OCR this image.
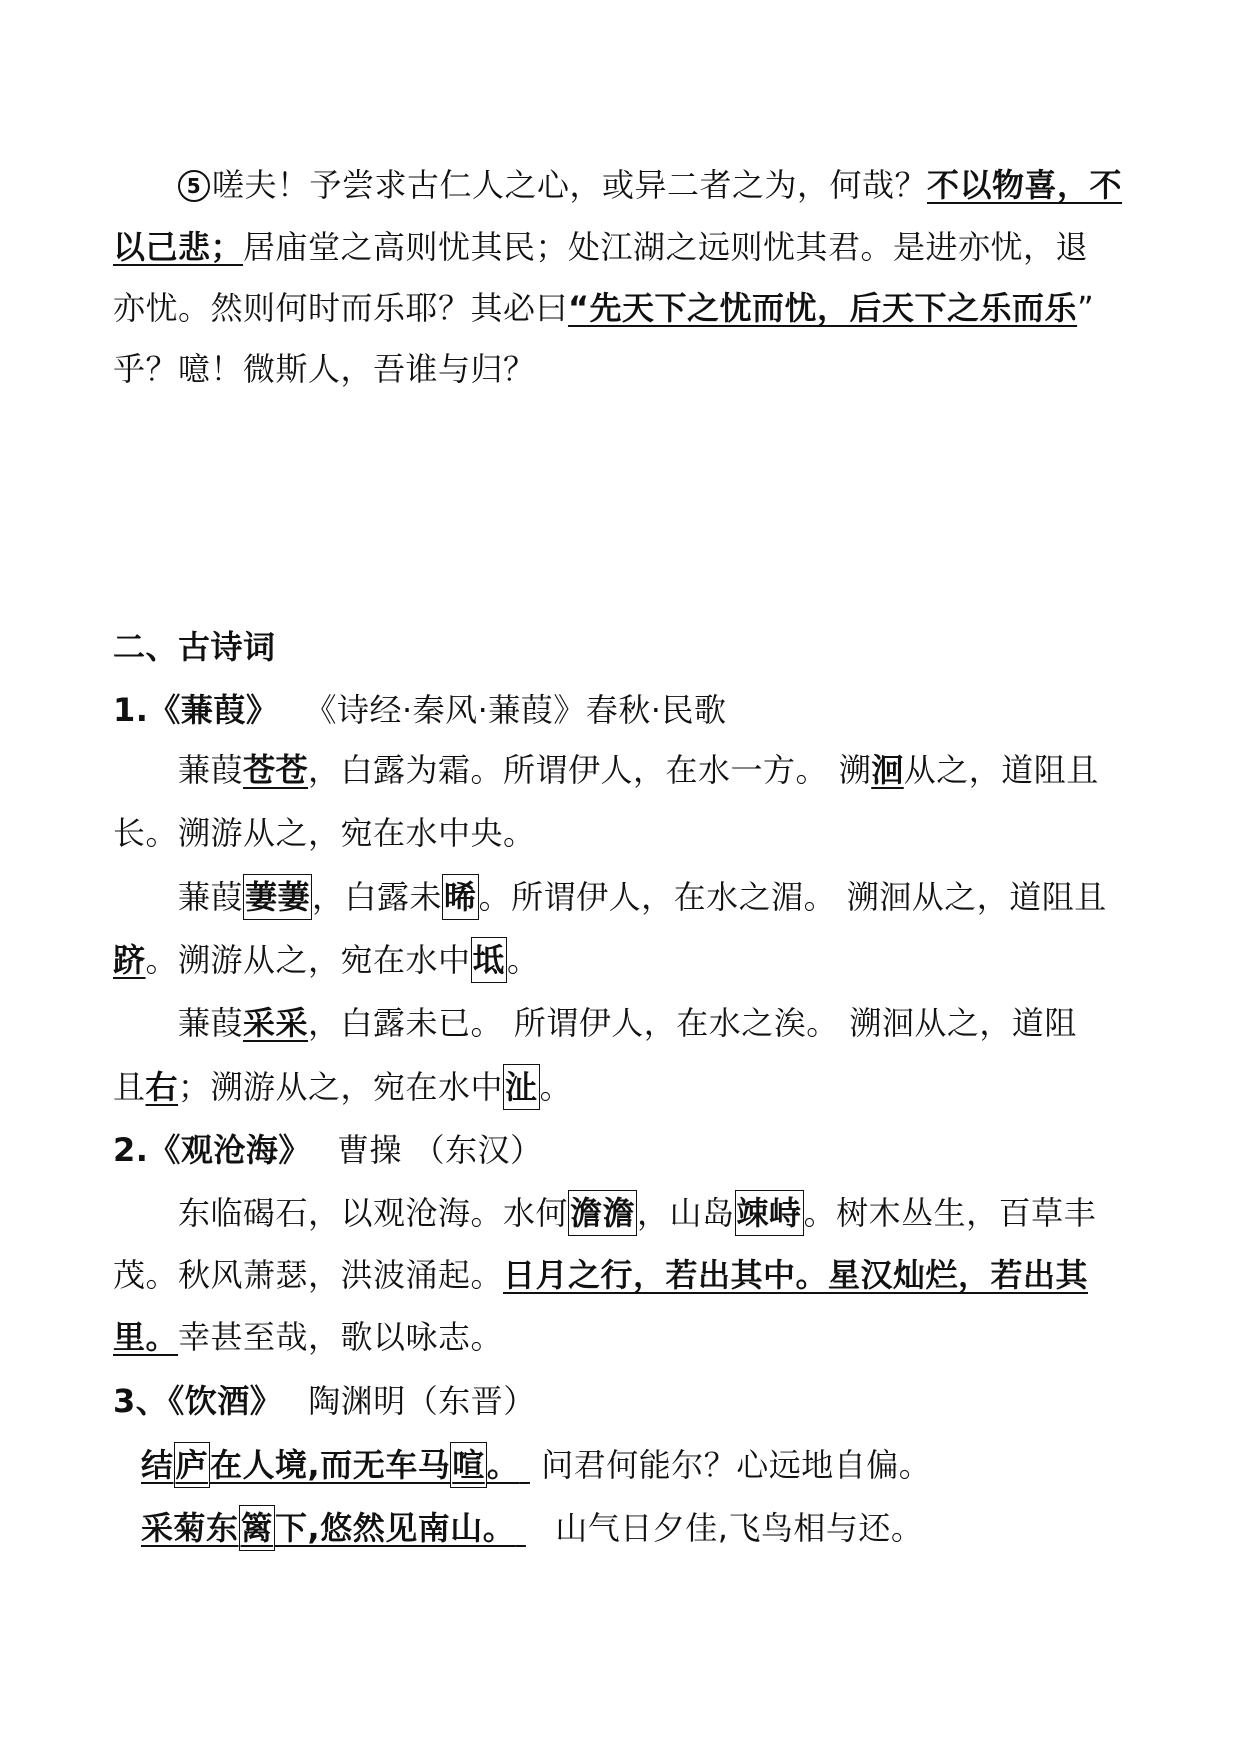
5 嗟夫！予尝求古仁人之心，或异二者之为，何哉？不以物喜，不
以己悲；居庙堂之高则忧其民；处江湖之远则忧其君。是进亦忧，退
亦忧。然则何时而乐耶？其必曰“先天下之忧而忧，后天下之乐而乐”
乎？噫！微斯人，吾谁与归？
二、古诗词
1.《蒹葭》 《诗经·秦风·蒹葭》春秋·民歌
蒹葭苍苍，白露为霜。所谓伊人，在水一方。 溯洄从之，道阻且
长。溯游从之，宛在水中央。
蒹葭萋萋，白露未晞。所谓伊人，在水之湄。 溯洄从之，道阻且
跻。溯游从之，宛在水中坻。
蒹葭采采，白露未已。 所谓伊人，在水之涘。 溯洄从之，道阻
且右；溯游从之，宛在水中沚。
2.《观沧海》 曹操 （东汉）
东临碣石，以观沧海。水何澹澹，山岛竦峙。树木丛生，百草丰
茂。秋风萧瑟，洪波涌起。日月之行，若出其中。星汉灿烂，若出其
里。幸甚至哉，歌以咏志。
3、《饮酒》 陶渊明（东晋）
结庐在人境,而无车马喧。 问君何能尔？心远地自偏。
采菊东篱下,悠然见南山。 山气日夕佳,飞鸟相与还。
